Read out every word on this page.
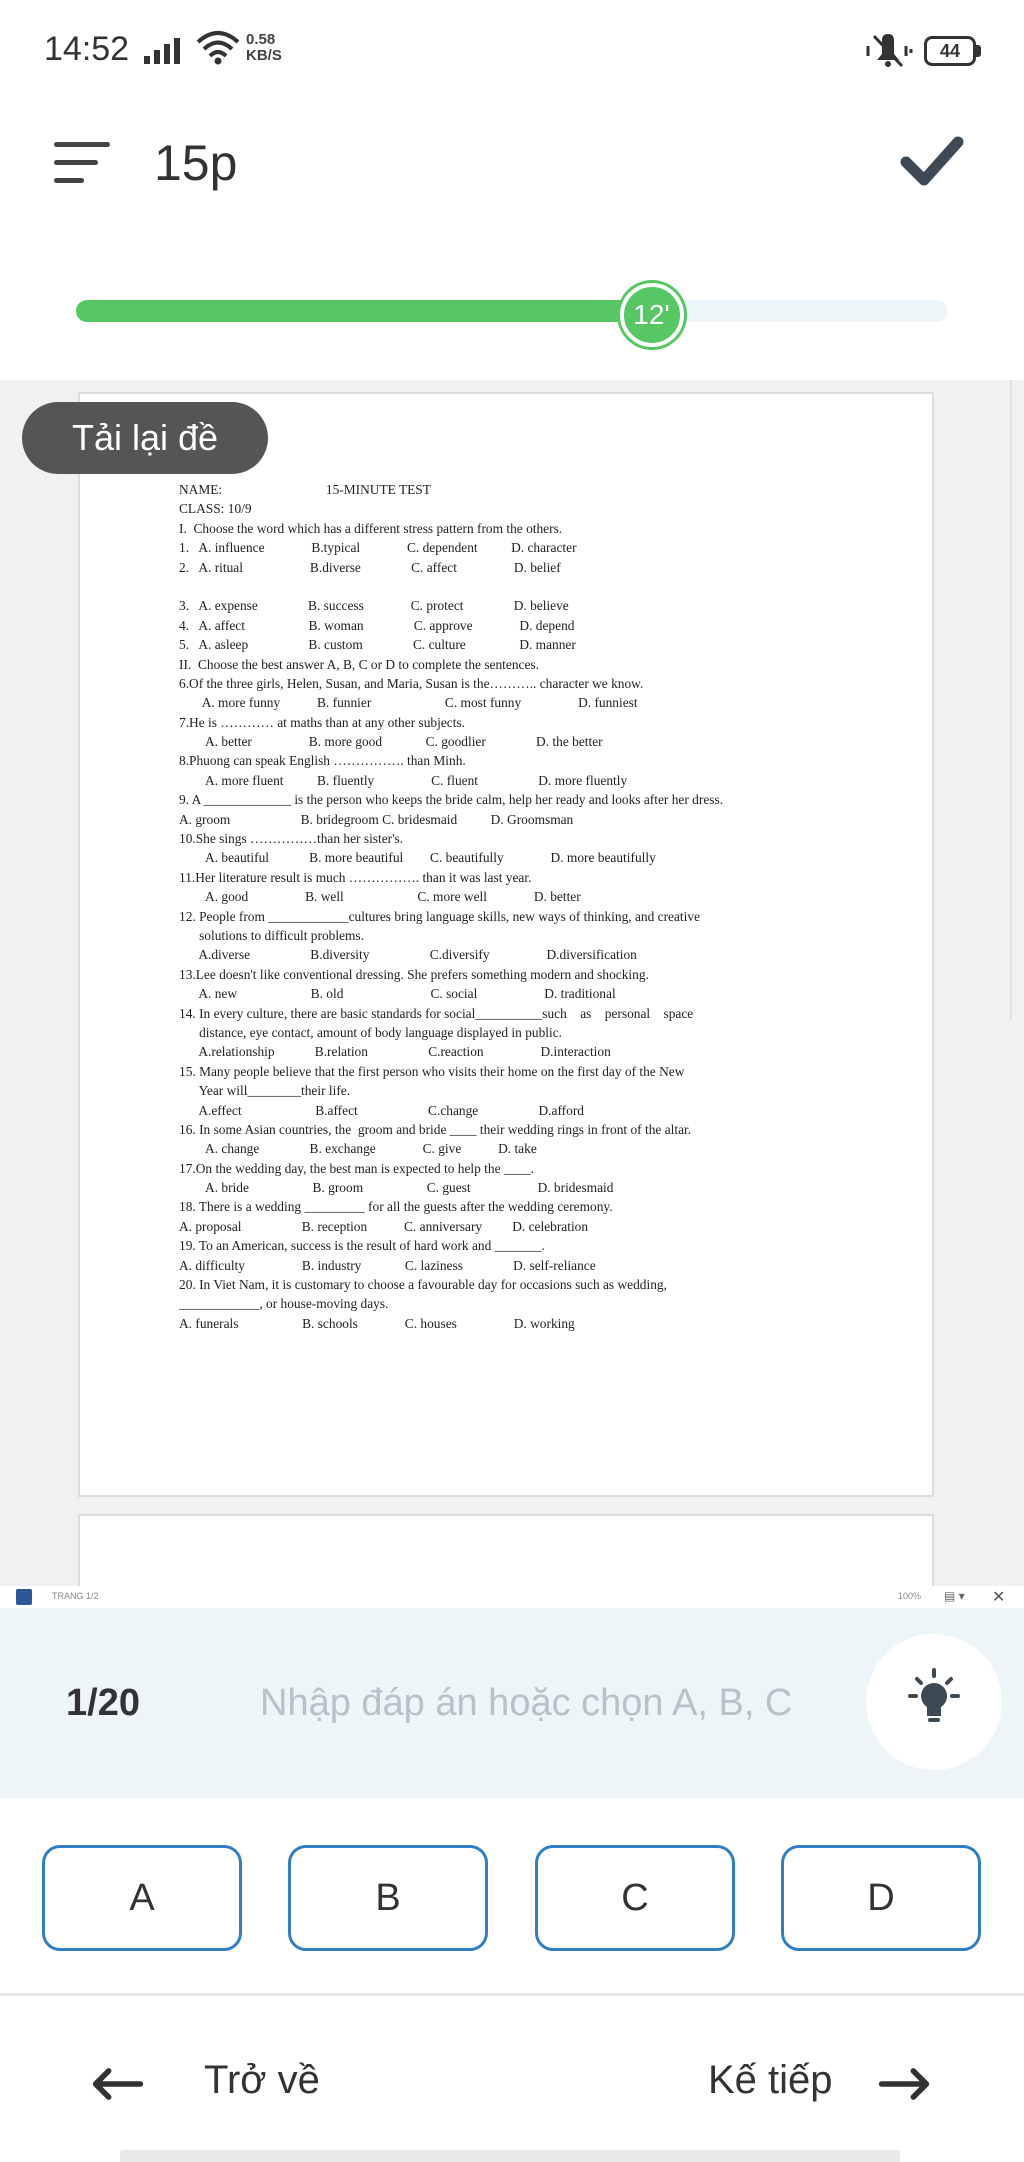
14:52	0.58
KB/S	44
15p
12'
NAME:                               15-MINUTE TEST
CLASS: 10/9
I.  Choose the word which has a different stress pattern from the others.
1.   A. influence              B.typical              C. dependent          D. character
2.   A. ritual                    B.diverse               C. affect                 D. belief
3.   A. expense               B. success              C. protect               D. believe
4.   A. affect                   B. woman               C. approve              D. depend
5.   A. asleep                  B. custom               C. culture                D. manner
II.  Choose the best answer A, B, C or D to complete the sentences.
6.Of the three girls, Helen, Susan, and Maria, Susan is the……….. character we know.
A. more funny           B. funnier                      C. most funny                 D. funniest
7.He is ………… at maths than at any other subjects.
A. better                 B. more good             C. goodlier               D. the better
8.Phuong can speak English ……………. than Minh.
A. more fluent          B. fluently                 C. fluent                  D. more fluently
9. A _____________ is the person who keeps the bride calm, help her ready and looks after her dress.
A. groom                     B. bridegroom C. bridesmaid          D. Groomsman
10.She sings ……………than her sister's.
A. beautiful            B. more beautiful        C. beautifully              D. more beautifully
11.Her literature result is much ……………. than it was last year.
A. good                 B. well                      C. more well              D. better
12. People from ____________cultures bring language skills, new ways of thinking, and creative
solutions to difficult problems.
A.diverse                  B.diversity                  C.diversify                 D.diversification
13.Lee doesn't like conventional dressing. She prefers something modern and shocking.
A. new                      B. old                          C. social                    D. traditional
14. In every culture, there are basic standards for social__________such    as    personal    space
distance, eye contact, amount of body language displayed in public.
A.relationship            B.relation                  C.reaction                 D.interaction
15. Many people believe that the first person who visits their home on the first day of the New
Year will________their life.
A.effect                      B.affect                     C.change                  D.afford
16. In some Asian countries, the  groom and bride ____ their wedding rings in front of the altar.
A. change               B. exchange              C. give           D. take
17.On the wedding day, the best man is expected to help the ____.
A. bride                   B. groom                   C. guest                    D. bridesmaid
18. There is a wedding _________ for all the guests after the wedding ceremony.
A. proposal                  B. reception           C. anniversary         D. celebration
19. To an American, success is the result of hard work and _______.
A. difficulty                 B. industry             C. laziness               D. self-reliance
20. In Viet Nam, it is customary to choose a favourable day for occasions such as wedding,
____________, or house-moving days.
A. funerals                   B. schools              C. houses                 D. working
Tải lại đề
TRANG 1/2	100% ▤ ▾ ✕
1/20
Nhập đáp án hoặc chọn A, B, C
A	B	C	D
Trở về	Kế tiếp
